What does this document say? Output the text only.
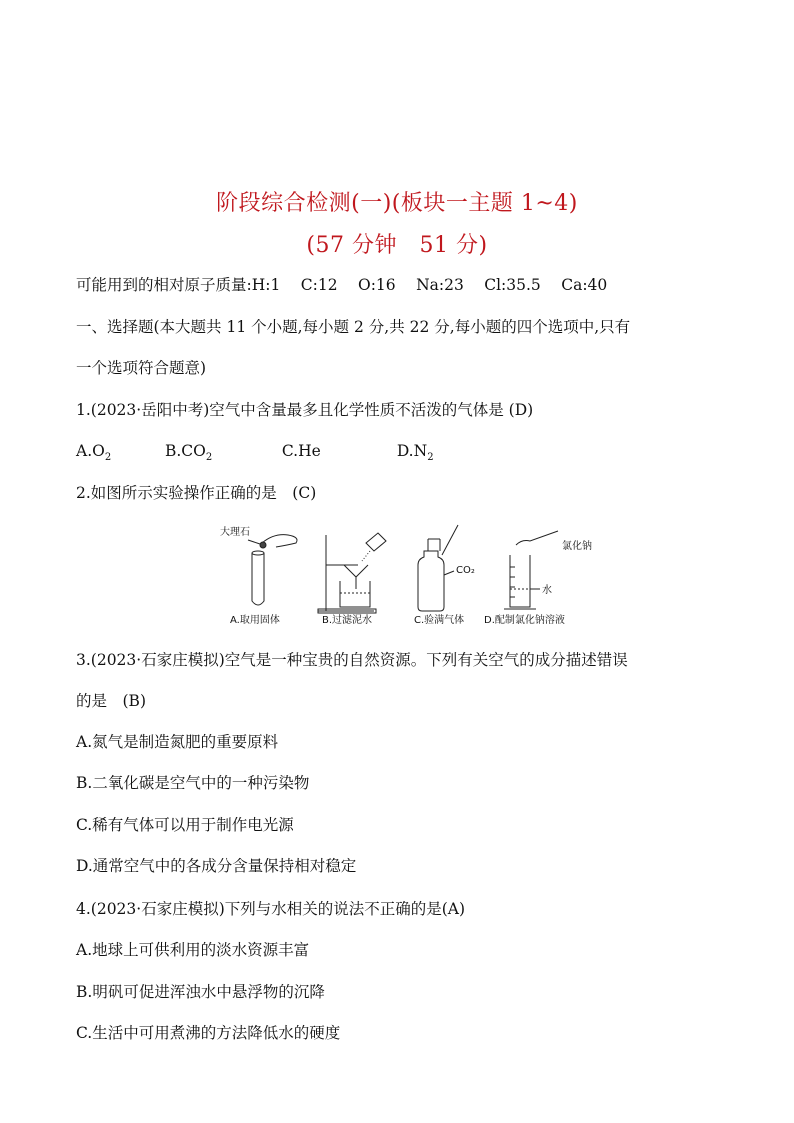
阶段综合检测(一)(板块一主题 1~4)
(57 分钟　51 分)
可能用到的相对原子质量:H:1　 C:12　 O:16　 Na:23　 Cl:35.5　 Ca:40
一、选择题(本大题共 11 个小题,每小题 2 分,共 22 分,每小题的四个选项中,只有
一个选项符合题意)
1.(2023·岳阳中考)空气中含量最多且化学性质不活泼的气体是 (D)
$A.O_2$	$B.CO_2$	C.He	$D.N_2$
2.如图所示实验操作正确的是　(C)
大理石
氯化钠
CO₂
水
A.取用固体	B.过滤泥水	C.验满气体 D.配制氯化钠溶液
3.(2023·石家庄模拟)空气是一种宝贵的自然资源。下列有关空气的成分描述错误
的是　(B)
A.氮气是制造氮肥的重要原料
B.二氧化碳是空气中的一种污染物
C.稀有气体可以用于制作电光源
D.通常空气中的各成分含量保持相对稳定
4.(2023·石家庄模拟)下列与水相关的说法不正确的是(A)
A.地球上可供利用的淡水资源丰富
B.明矾可促进浑浊水中悬浮物的沉降
C.生活中可用煮沸的方法降低水的硬度
